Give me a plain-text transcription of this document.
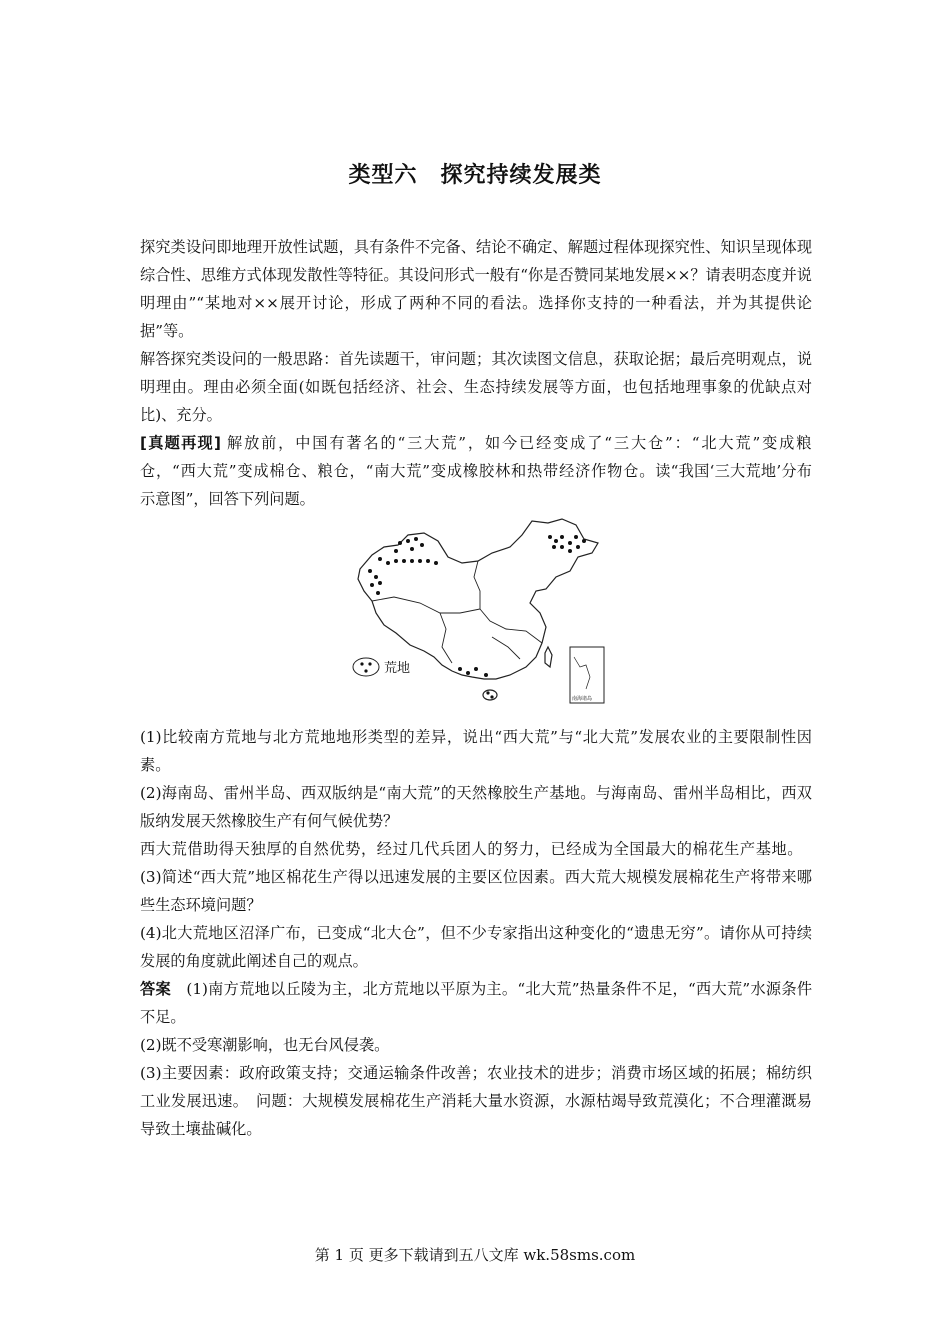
类型六　探究持续发展类

探究类设问即地理开放性试题，具有条件不完备、结论不确定、解题过程体现探究性、知识呈现体现综合性、思维方式体现发散性等特征。其设问形式一般有“你是否赞同某地发展××？请表明态度并说明理由”“某地对××展开讨论，形成了两种不同的看法。选择你支持的一种看法，并为其提供论据”等。

解答探究类设问的一般思路：首先读题干，审问题；其次读图文信息，获取论据；最后亮明观点，说明理由。理由必须全面(如既包括经济、社会、生态持续发展等方面，也包括地理事象的优缺点对比)、充分。

[真题再现] 解放前，中国有著名的“三大荒”，如今已经变成了“三大仓”：“北大荒”变成粮仓，“西大荒”变成棉仓、粮仓，“南大荒”变成橡胶林和热带经济作物仓。读“我国‘三大荒地’分布示意图”，回答下列问题。

荒地
南海诸岛

(1)比较南方荒地与北方荒地地形类型的差异，说出“西大荒”与“北大荒”发展农业的主要限制性因素。

(2)海南岛、雷州半岛、西双版纳是“南大荒”的天然橡胶生产基地。与海南岛、雷州半岛相比，西双版纳发展天然橡胶生产有何气候优势？

西大荒借助得天独厚的自然优势，经过几代兵团人的努力，已经成为全国最大的棉花生产基地。

(3)简述“西大荒”地区棉花生产得以迅速发展的主要区位因素。西大荒大规模发展棉花生产将带来哪些生态环境问题？

(4)北大荒地区沼泽广布，已变成“北大仓”，但不少专家指出这种变化的“遗患无穷”。请你从可持续发展的角度就此阐述自己的观点。

答案　 (1)南方荒地以丘陵为主，北方荒地以平原为主。“北大荒”热量条件不足，“西大荒”水源条件不足。

(2)既不受寒潮影响，也无台风侵袭。

(3)主要因素：政府政策支持；交通运输条件改善；农业技术的进步；消费市场区域的拓展；棉纺织工业发展迅速。　问题：大规模发展棉花生产消耗大量水资源，水源枯竭导致荒漠化；不合理灌溉易导致土壤盐碱化。

第 1 页 更多下载请到五八文库 wk.58sms.com
